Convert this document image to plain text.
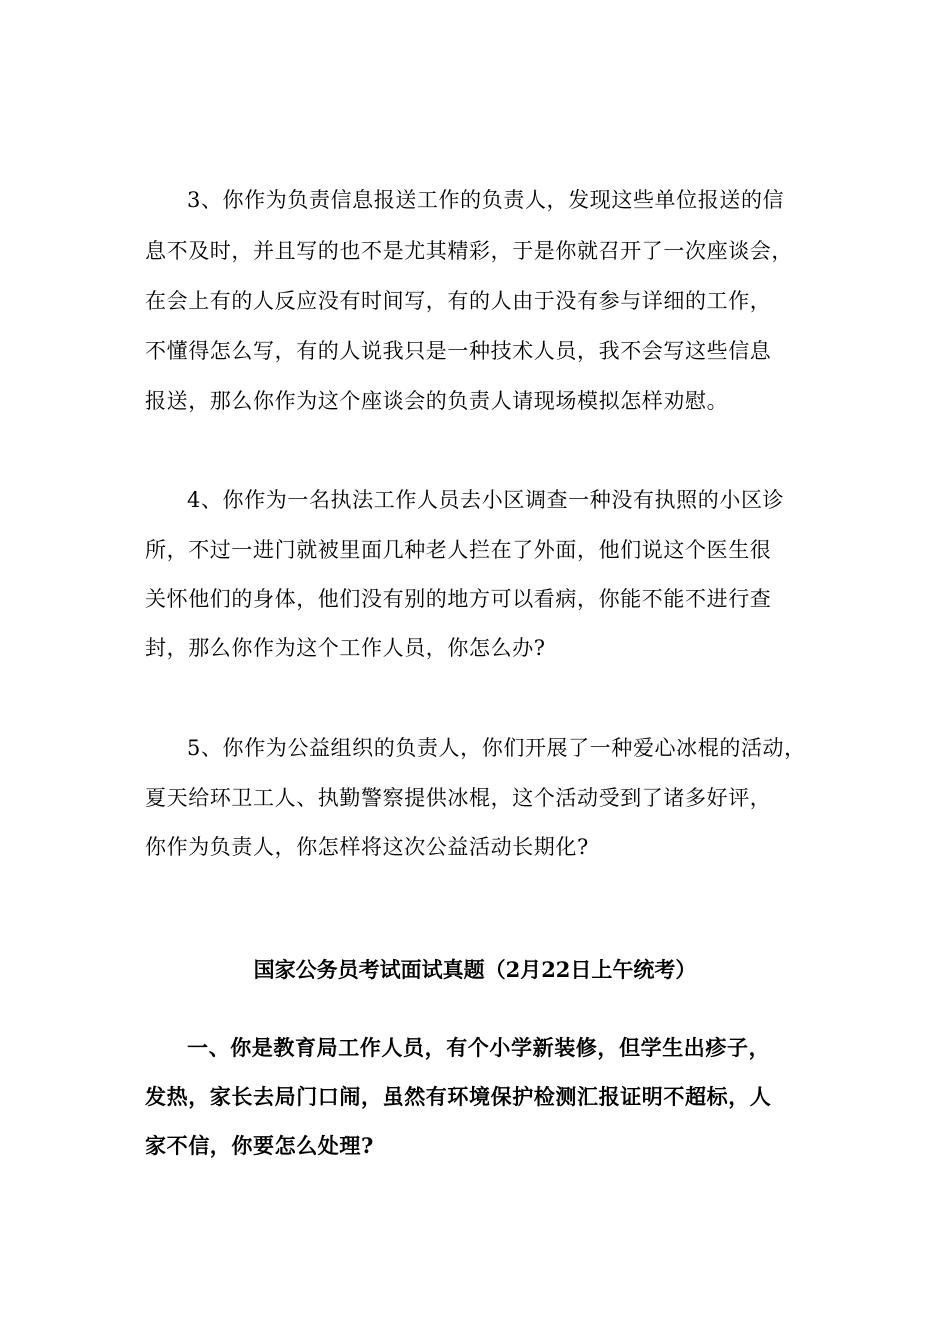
3、你作为负责信息报送工作的负责人，发现这些单位报送的信
息不及时，并且写的也不是尤其精彩，于是你就召开了一次座谈会，
在会上有的人反应没有时间写，有的人由于没有参与详细的工作，
不懂得怎么写，有的人说我只是一种技术人员，我不会写这些信息
报送，那么你作为这个座谈会的负责人请现场模拟怎样劝慰。
4、你作为一名执法工作人员去小区调查一种没有执照的小区诊
所，不过一进门就被里面几种老人拦在了外面，他们说这个医生很
关怀他们的身体，他们没有别的地方可以看病，你能不能不进行查
封，那么你作为这个工作人员，你怎么办?
5、你作为公益组织的负责人，你们开展了一种爱心冰棍的活动，
夏天给环卫工人、执勤警察提供冰棍，这个活动受到了诸多好评，
你作为负责人，你怎样将这次公益活动长期化?
国家公务员考试面试真题（2月22日上午统考）
一、你是教育局工作人员，有个小学新装修，但学生出疹子，
发热，家长去局门口闹，虽然有环境保护检测汇报证明不超标，人
家不信，你要怎么处理?
